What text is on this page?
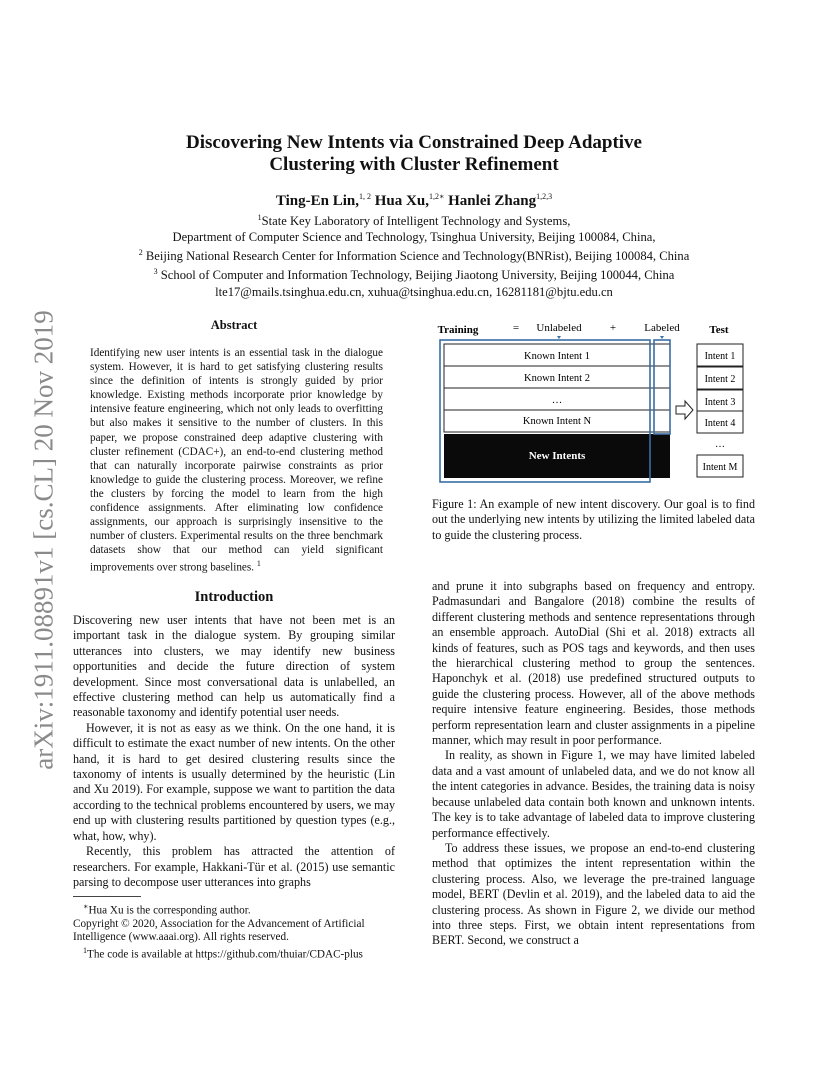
arXiv:1911.08891v1 [cs.CL] 20 Nov 2019
Discovering New Intents via Constrained Deep Adaptive
Clustering with Cluster Refinement
Ting-En Lin,$^{1, 2}$ Hua Xu,$^{1,2∗}$ Hanlei Zhang$^{1,2,3}$
$^1$State Key Laboratory of Intelligent Technology and Systems,
Department of Computer Science and Technology, Tsinghua University, Beijing 100084, China,
$^2$ Beijing National Research Center for Information Science and Technology(BNRist), Beijing 100084, China
$^3$ School of Computer and Information Technology, Beijing Jiaotong University, Beijing 100044, China
lte17@mails.tsinghua.edu.cn, xuhua@tsinghua.edu.cn, 16281181@bjtu.edu.cn
Abstract
Identifying new user intents is an essential task in the dialogue system. However, it is hard to get satisfying clustering results since the definition of intents is strongly guided by prior knowledge. Existing methods incorporate prior knowledge by intensive feature engineering, which not only leads to overfitting but also makes it sensitive to the number of clusters. In this paper, we propose constrained deep adaptive clustering with cluster refinement (CDAC+), an end-to-end clustering method that can naturally incorporate pairwise constraints as prior knowledge to guide the clustering process. Moreover, we refine the clusters by forcing the model to learn from the high confidence assignments. After eliminating low confidence assignments, our approach is surprisingly insensitive to the number of clusters. Experimental results on the three benchmark datasets show that our method can yield significant improvements over strong baselines. $^1$
Introduction

Discovering new user intents that have not been met is an important task in the dialogue system. By grouping similar utterances into clusters, we may identify new business opportunities and decide the future direction of system development. Since most conversational data is unlabelled, an effective clustering method can help us automatically find a reasonable taxonomy and identify potential user needs.

However, it is not as easy as we think. On the one hand, it is difficult to estimate the exact number of new intents. On the other hand, it is hard to get desired clustering results since the taxonomy of intents is usually determined by the heuristic (Lin and Xu 2019). For example, suppose we want to partition the data according to the technical problems encountered by users, we may end up with clustering results partitioned by question types (e.g., what, how, why).

Recently, this problem has attracted the attention of researchers. For example, Hakkani-Tür et al. (2015) use semantic parsing to decompose user utterances into graphs

∗Hua Xu is the corresponding author.
Copyright © 2020, Association for the Advancement of Artificial Intelligence (www.aaai.org). All rights reserved.
$^1$The code is available at https://github.com/thuiar/CDAC-plus
Training	= Unlabeled	+	Labeled	Test
Known Intent 1
Known Intent 2
…
Known Intent N
New Intents
Intent 1
Intent 2
Intent 3
Intent 4
…
Intent M
Figure 1: An example of new intent discovery. Our goal is to find out the underlying new intents by utilizing the limited labeled data to guide the clustering process.

and prune it into subgraphs based on frequency and entropy. Padmasundari and Bangalore (2018) combine the results of different clustering methods and sentence representations through an ensemble approach. AutoDial (Shi et al. 2018) extracts all kinds of features, such as POS tags and keywords, and then uses the hierarchical clustering method to group the sentences. Haponchyk et al. (2018) use predefined structured outputs to guide the clustering process. However, all of the above methods require intensive feature engineering. Besides, those methods perform representation learn and cluster assignments in a pipeline manner, which may result in poor performance.

In reality, as shown in Figure 1, we may have limited labeled data and a vast amount of unlabeled data, and we do not know all the intent categories in advance. Besides, the training data is noisy because unlabeled data contain both known and unknown intents. The key is to take advantage of labeled data to improve clustering performance effectively.

To address these issues, we propose an end-to-end clustering method that optimizes the intent representation within the clustering process. Also, we leverage the pre-trained language model, BERT (Devlin et al. 2019), and the labeled data to aid the clustering process. As shown in Figure 2, we divide our method into three steps. First, we obtain intent representations from BERT. Second, we construct a
